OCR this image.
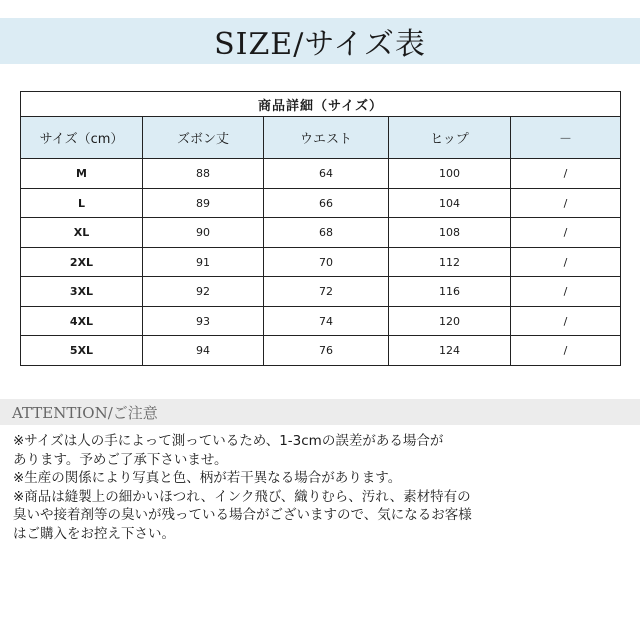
SIZE/サイズ表
商品詳細（サイズ）				
サイズ（cm）	ズボン丈	ウエスト	ヒップ	－
M	88	64	100	/
L	89	66	104	/
XL	90	68	108	/
2XL	91	70	112	/
3XL	92	72	116	/
4XL	93	74	120	/
5XL	94	76	124	/
ATTENTION/ご注意
※サイズは人の手によって測っているため、1-3cmの誤差がある場合が
あります。予めご了承下さいませ。
※生産の関係により写真と色、柄が若干異なる場合があります。
※商品は縫製上の細かいほつれ、インク飛び、織りむら、汚れ、素材特有の
臭いや接着剤等の臭いが残っている場合がございますので、気になるお客様
はご購入をお控え下さい。
